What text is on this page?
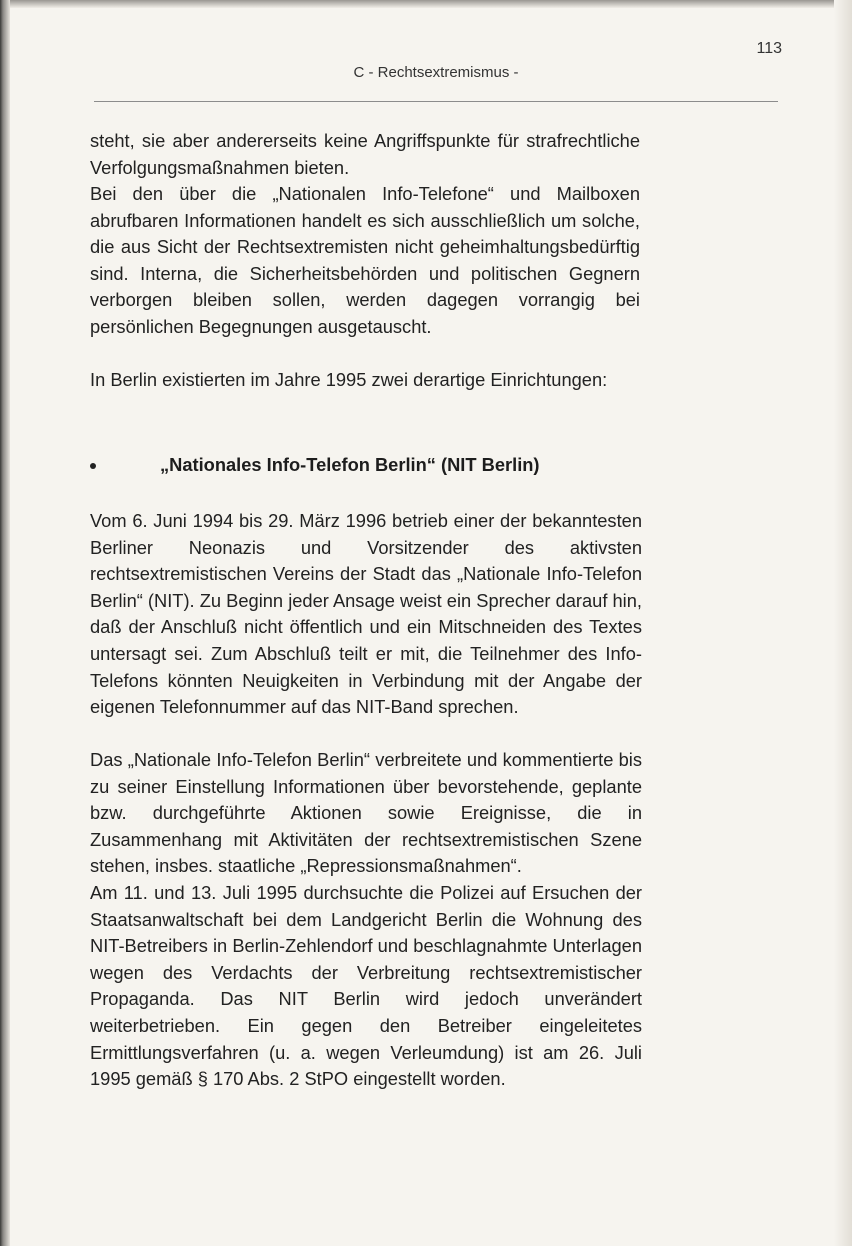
113
C - Rechtsextremismus -

steht, sie aber andererseits keine Angriffspunkte für strafrechtliche Verfolgungsmaßnahmen bieten.

Bei den über die „Nationalen Info-Telefone“ und Mailboxen abrufbaren Informationen handelt es sich ausschließlich um solche, die aus Sicht der Rechtsextremisten nicht geheimhaltungsbedürftig sind. Interna, die Sicherheitsbehörden und politischen Gegnern verborgen bleiben sollen, werden dagegen vorrangig bei persönlichen Begegnungen ausgetauscht.

In Berlin existierten im Jahre 1995 zwei derartige Einrichtungen:

„Nationales Info-Telefon Berlin“ (NIT Berlin)

Vom 6. Juni 1994 bis 29. März 1996 betrieb einer der bekanntesten Berliner Neonazis und Vorsitzender des aktivsten rechtsextremistischen Vereins der Stadt das „Nationale Info-Telefon Berlin“ (NIT). Zu Beginn jeder Ansage weist ein Sprecher darauf hin, daß der Anschluß nicht öffentlich und ein Mitschneiden des Textes untersagt sei. Zum Abschluß teilt er mit, die Teilnehmer des Info-Telefons könnten Neuigkeiten in Verbindung mit der Angabe der eigenen Telefonnummer auf das NIT-Band sprechen.

Das „Nationale Info-Telefon Berlin“ verbreitete und kommentierte bis zu seiner Einstellung Informationen über bevorstehende, geplante bzw. durchgeführte Aktionen sowie Ereignisse, die in Zusammenhang mit Aktivitäten der rechtsextremistischen Szene stehen, insbes. staatliche „Repressionsmaßnahmen“.

Am 11. und 13. Juli 1995 durchsuchte die Polizei auf Ersuchen der Staatsanwaltschaft bei dem Landgericht Berlin die Wohnung des NIT-Betreibers in Berlin-Zehlendorf und beschlagnahmte Unterlagen wegen des Verdachts der Verbreitung rechtsextremistischer Propaganda. Das NIT Berlin wird jedoch unverändert weiterbetrieben. Ein gegen den Betreiber eingeleitetes Ermittlungsverfahren (u. a. wegen Verleumdung) ist am 26. Juli 1995 gemäß § 170 Abs. 2 StPO eingestellt worden.
